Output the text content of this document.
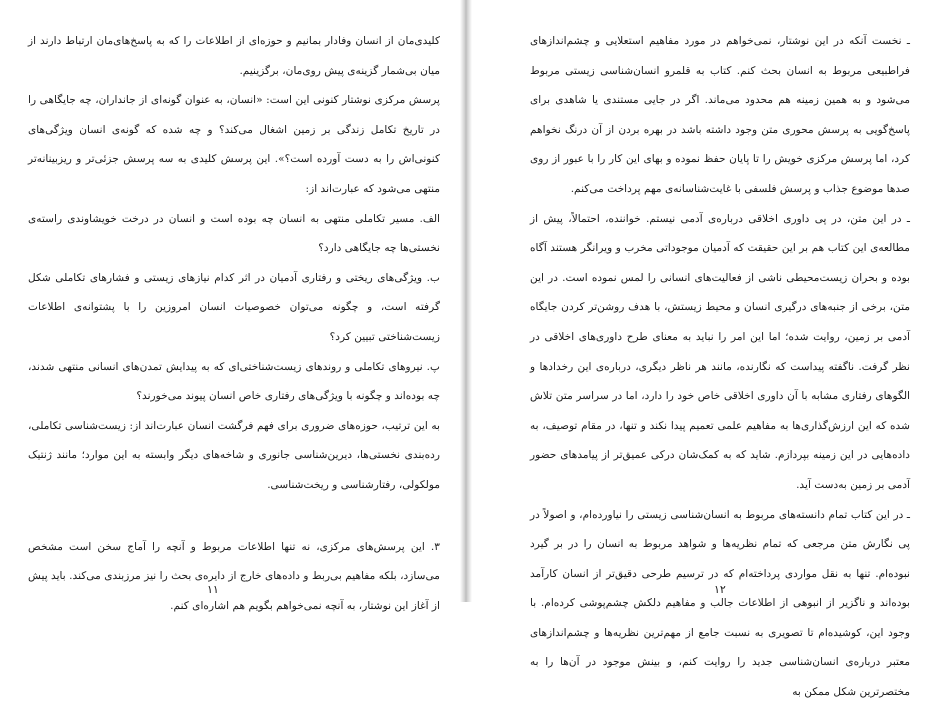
کلیدی‌مان از انسان وفادار بمانیم و حوزه‌ای از اطلاعات را که به پاسخ‌های‌مان ارتباط دارند از میان بی‌شمار گزینه‌ی پیش روی‌مان، برگزینیم.

پرسش مرکزی نوشتار کنونی این است: «انسان، به عنوان گونه‌ای از جانداران، چه جایگاهی را در تاریخ تکامل زندگی بر زمین اشغال می‌کند؟ و چه شده که گونه‌ی انسان ویژگی‌های کنونی‌اش را به دست آورده است؟». این پرسش کلیدی به سه پرسش جزئی‌تر و ریزبینانه‌تر منتهی می‌شود که عبارت‌اند از:

الف. مسیر تکاملی منتهی به انسان چه بوده است و انسان در درخت خویشاوندی راسته‌ی نخستی‌ها چه جایگاهی دارد؟

ب. ویژگی‌های ریختی و رفتاری آدمیان در اثر کدام نیازهای زیستی و فشارهای تکاملی شکل گرفته است، و چگونه می‌توان خصوصیات انسان امروزین را با پشتوانه‌ی اطلاعات زیست‌شناختی تبیین کرد؟

پ. نیروهای تکاملی و روندهای زیست‌شناختی‌ای که به پیدایش تمدن‌های انسانی منتهی شدند، چه بوده‌اند و چگونه با ویژگی‌های رفتاری خاص انسان پیوند می‌خورند؟

به این ترتیب، حوزه‌های ضروری برای فهم فرگشت انسان عبارت‌اند از: زیست‌شناسی تکاملی، رده‌بندی نخستی‌ها، دیرین‌شناسی جانوری و شاخه‌های دیگر وابسته به این موارد؛ مانند ژنتیک مولکولی، رفتارشناسی و ریخت‌شناسی.

۳. این پرسش‌های مرکزی، نه تنها اطلاعات مربوط و آنچه را آماج سخن است مشخص می‌سازد، بلکه مفاهیم بی‌ربط و داده‌های خارج از دایره‌ی بحث را نیز مرزبندی می‌کند. باید پیش از آغاز این نوشتار، به آنچه نمی‌خواهم بگویم هم اشاره‌ای کنم.

۱۱

ـ نخست آنکه در این نوشتار، نمی‌خواهم در مورد مفاهیم استعلایی و چشم‌اندازهای فراطبیعی مربوط به انسان بحث کنم. کتاب به قلمرو انسان‌شناسی زیستی مربوط می‌شود و به همین زمینه هم محدود می‌ماند. اگر در جایی مستندی یا شاهدی برای پاسخ‌گویی به پرسش محوری متن وجود داشته باشد در بهره بردن از آن درنگ نخواهم کرد، اما پرسش مرکزی خویش را تا پایان حفظ نموده و بهای این کار را با عبور از روی صدها موضوع جذاب و پرسش فلسفی با غایت‌شناسانه‌ی مهم پرداخت می‌کنم.

ـ در این متن، در پی داوری اخلاقی درباره‌ی آدمی نیستم. خواننده، احتمالاً، پیش از مطالعه‌ی این کتاب هم بر این حقیقت که آدمیان موجوداتی مخرب و ویرانگر هستند آگاه بوده و بحران زیست‌محیطی ناشی از فعالیت‌های انسانی را لمس نموده است. در این متن، برخی از جنبه‌های درگیری انسان و محیط زیستش، با هدف روشن‌تر کردن جایگاه آدمی بر زمین، روایت شده؛ اما این امر را نباید به معنای طرح داوری‌های اخلاقی در نظر گرفت. ناگفته پیداست که نگارنده، مانند هر ناظر دیگری، درباره‌ی این رخدادها و الگوهای رفتاری مشابه با آن داوری اخلاقی خاص خود را دارد، اما در سراسر متن تلاش شده که این ارزش‌گذاری‌ها به مفاهیم علمی تعمیم پیدا نکند و تنها، در مقام توصیف، به داده‌هایی در این زمینه بپردازم. شاید که به کمک‌شان درکی عمیق‌تر از پیامدهای حضور آدمی بر زمین به‌دست آید.

ـ در این کتاب تمام دانسته‌های مربوط به انسان‌شناسی زیستی را نیاورده‌ام، و اصولاً در پی نگارش متن مرجعی که تمام نظریه‌ها و شواهد مربوط به انسان را در بر گیرد نبوده‌ام. تنها به نقل مواردی پرداخته‌ام که در ترسیم طرحی دقیق‌تر از انسان کارآمد بوده‌اند و ناگزیر از انبوهی از اطلاعات جالب و مفاهیم دلکش چشم‌پوشی کرده‌ام. با وجود این، کوشیده‌ام تا تصویری به نسبت جامع از مهم‌ترین نظریه‌ها و چشم‌اندازهای معتبر درباره‌ی انسان‌شناسی جدید را روایت کنم، و بینش موجود در آن‌ها را به مختصرترین شکل ممکن به

۱۲
